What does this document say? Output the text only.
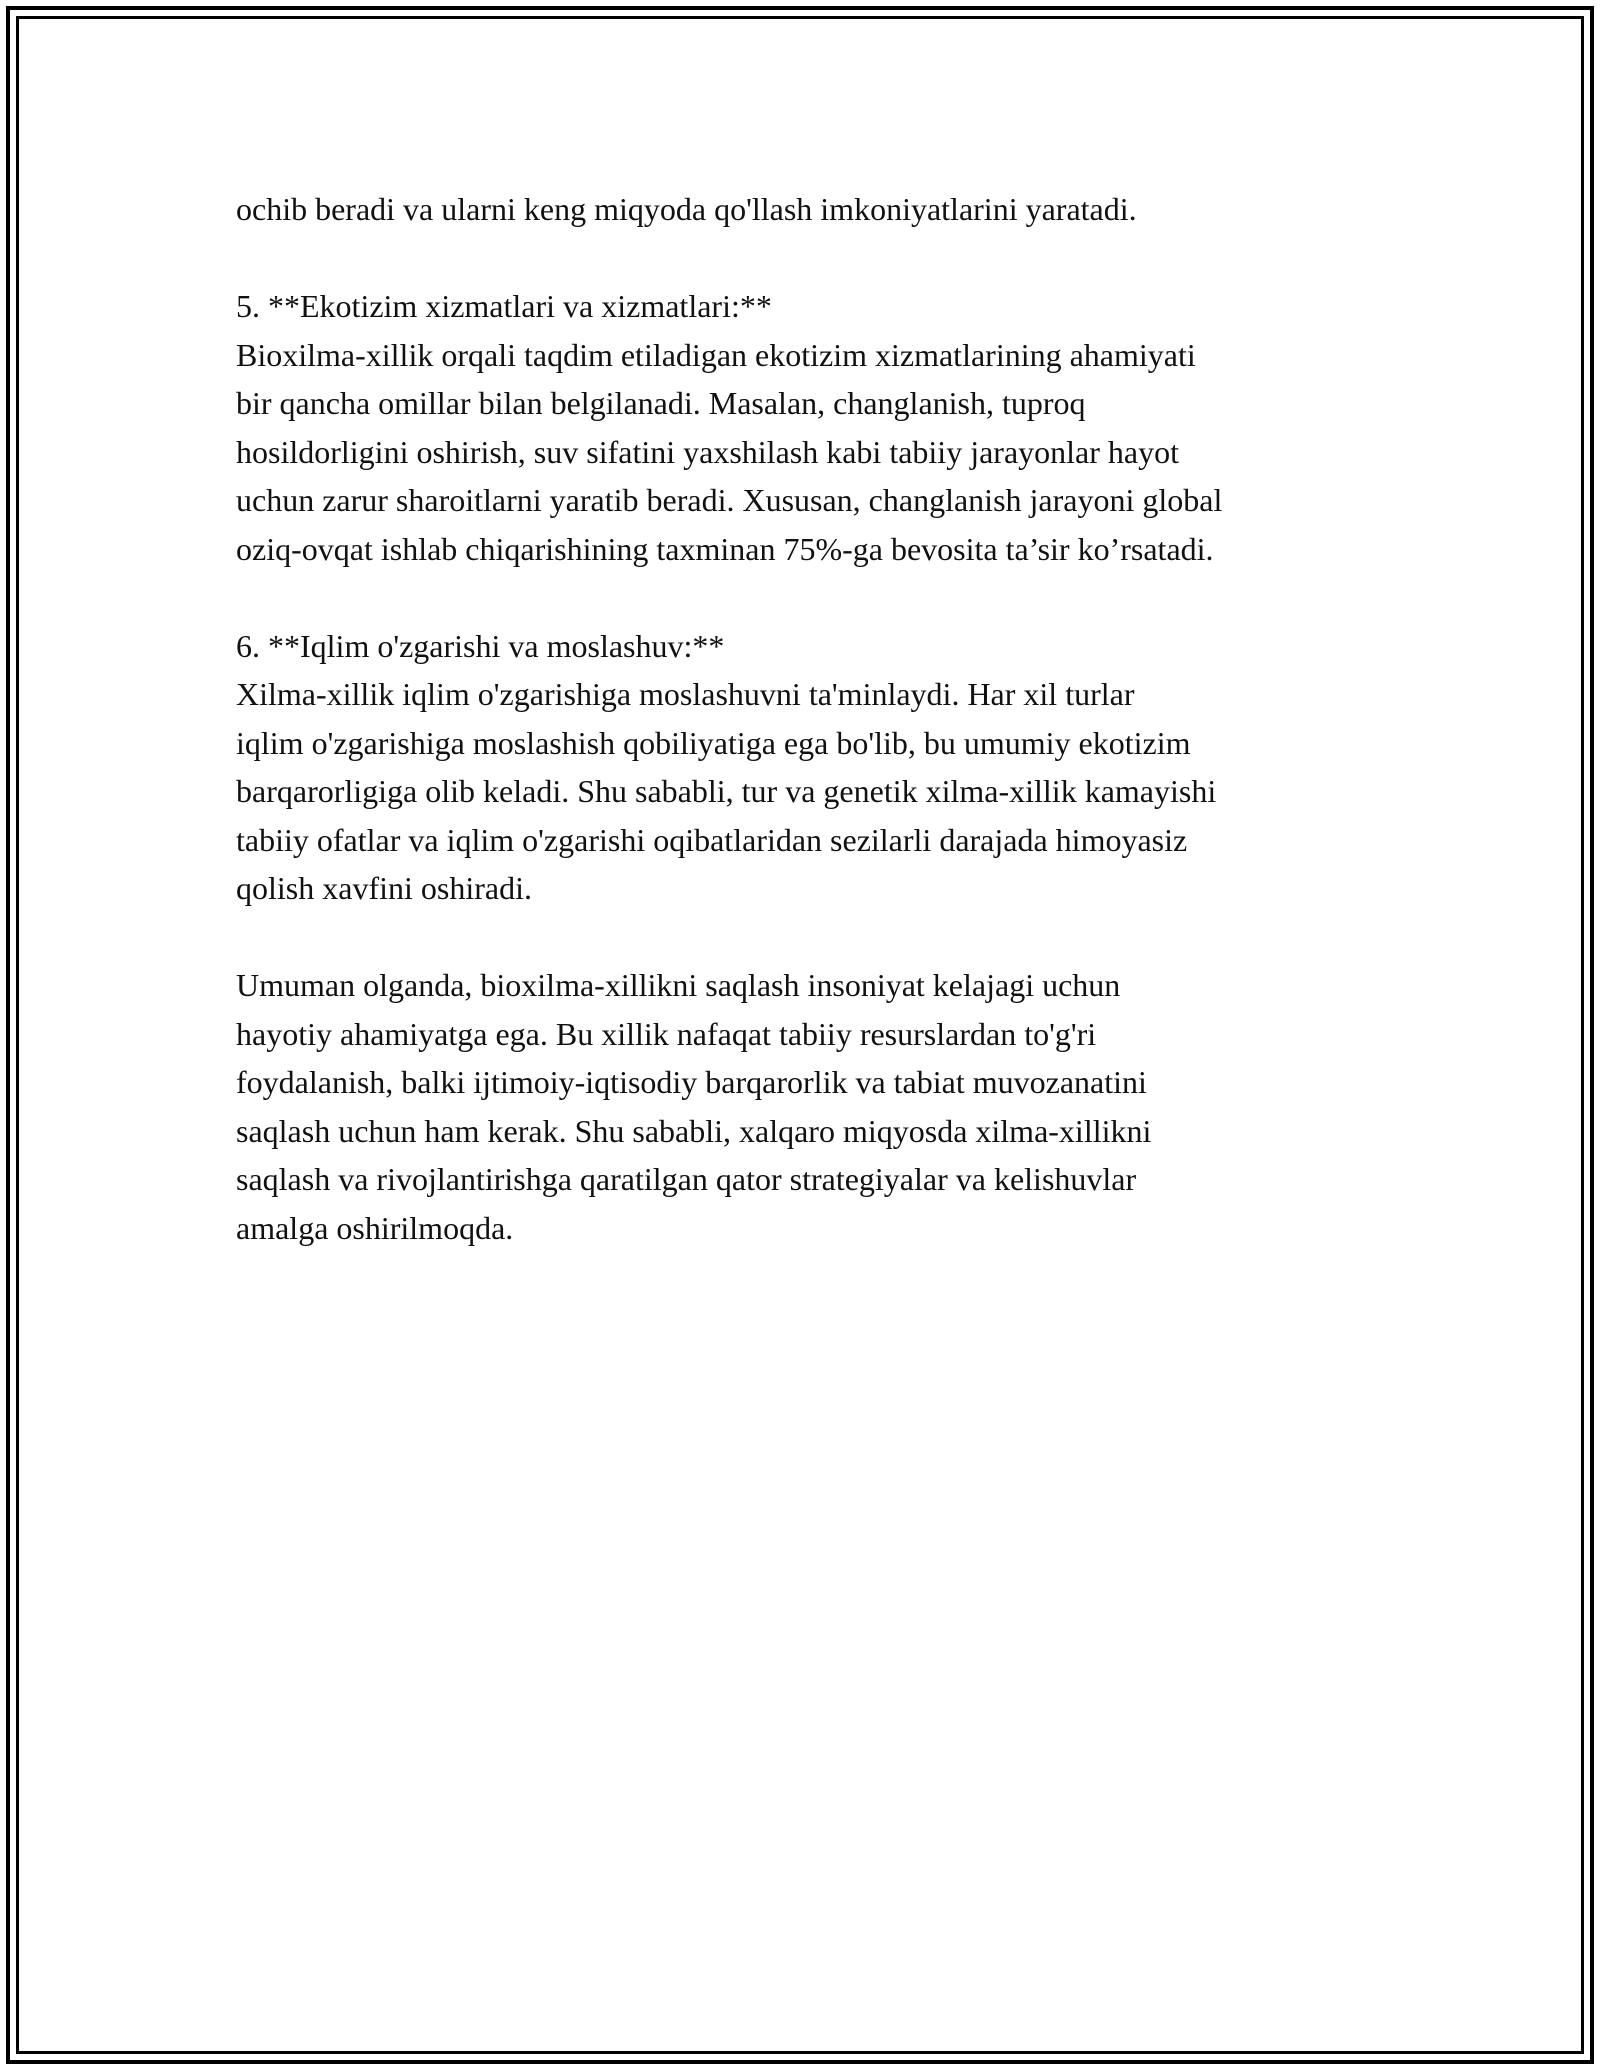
ochib beradi va ularni keng miqyoda qo'llash imkoniyatlarini yaratadi.

5. **Ekotizim xizmatlari va xizmatlari:**

Bioxilma-xillik orqali taqdim etiladigan ekotizim xizmatlarining ahamiyati
bir qancha omillar bilan belgilanadi. Masalan, changlanish, tuproq
hosildorligini oshirish, suv sifatini yaxshilash kabi tabiiy jarayonlar hayot
uchun zarur sharoitlarni yaratib beradi. Xususan, changlanish jarayoni global
oziq-ovqat ishlab chiqarishining taxminan 75%-ga bevosita ta’sir ko’rsatadi.

6. **Iqlim o'zgarishi va moslashuv:**

Xilma-xillik iqlim o'zgarishiga moslashuvni ta'minlaydi. Har xil turlar
iqlim o'zgarishiga moslashish qobiliyatiga ega bo'lib, bu umumiy ekotizim
barqarorligiga olib keladi. Shu sababli, tur va genetik xilma-xillik kamayishi
tabiiy ofatlar va iqlim o'zgarishi oqibatlaridan sezilarli darajada himoyasiz
qolish xavfini oshiradi.

Umuman olganda, bioxilma-xillikni saqlash insoniyat kelajagi uchun
hayotiy ahamiyatga ega. Bu xillik nafaqat tabiiy resurslardan to'g'ri
foydalanish, balki ijtimoiy-iqtisodiy barqarorlik va tabiat muvozanatini
saqlash uchun ham kerak. Shu sababli, xalqaro miqyosda xilma-xillikni
saqlash va rivojlantirishga qaratilgan qator strategiyalar va kelishuvlar
amalga oshirilmoqda.
